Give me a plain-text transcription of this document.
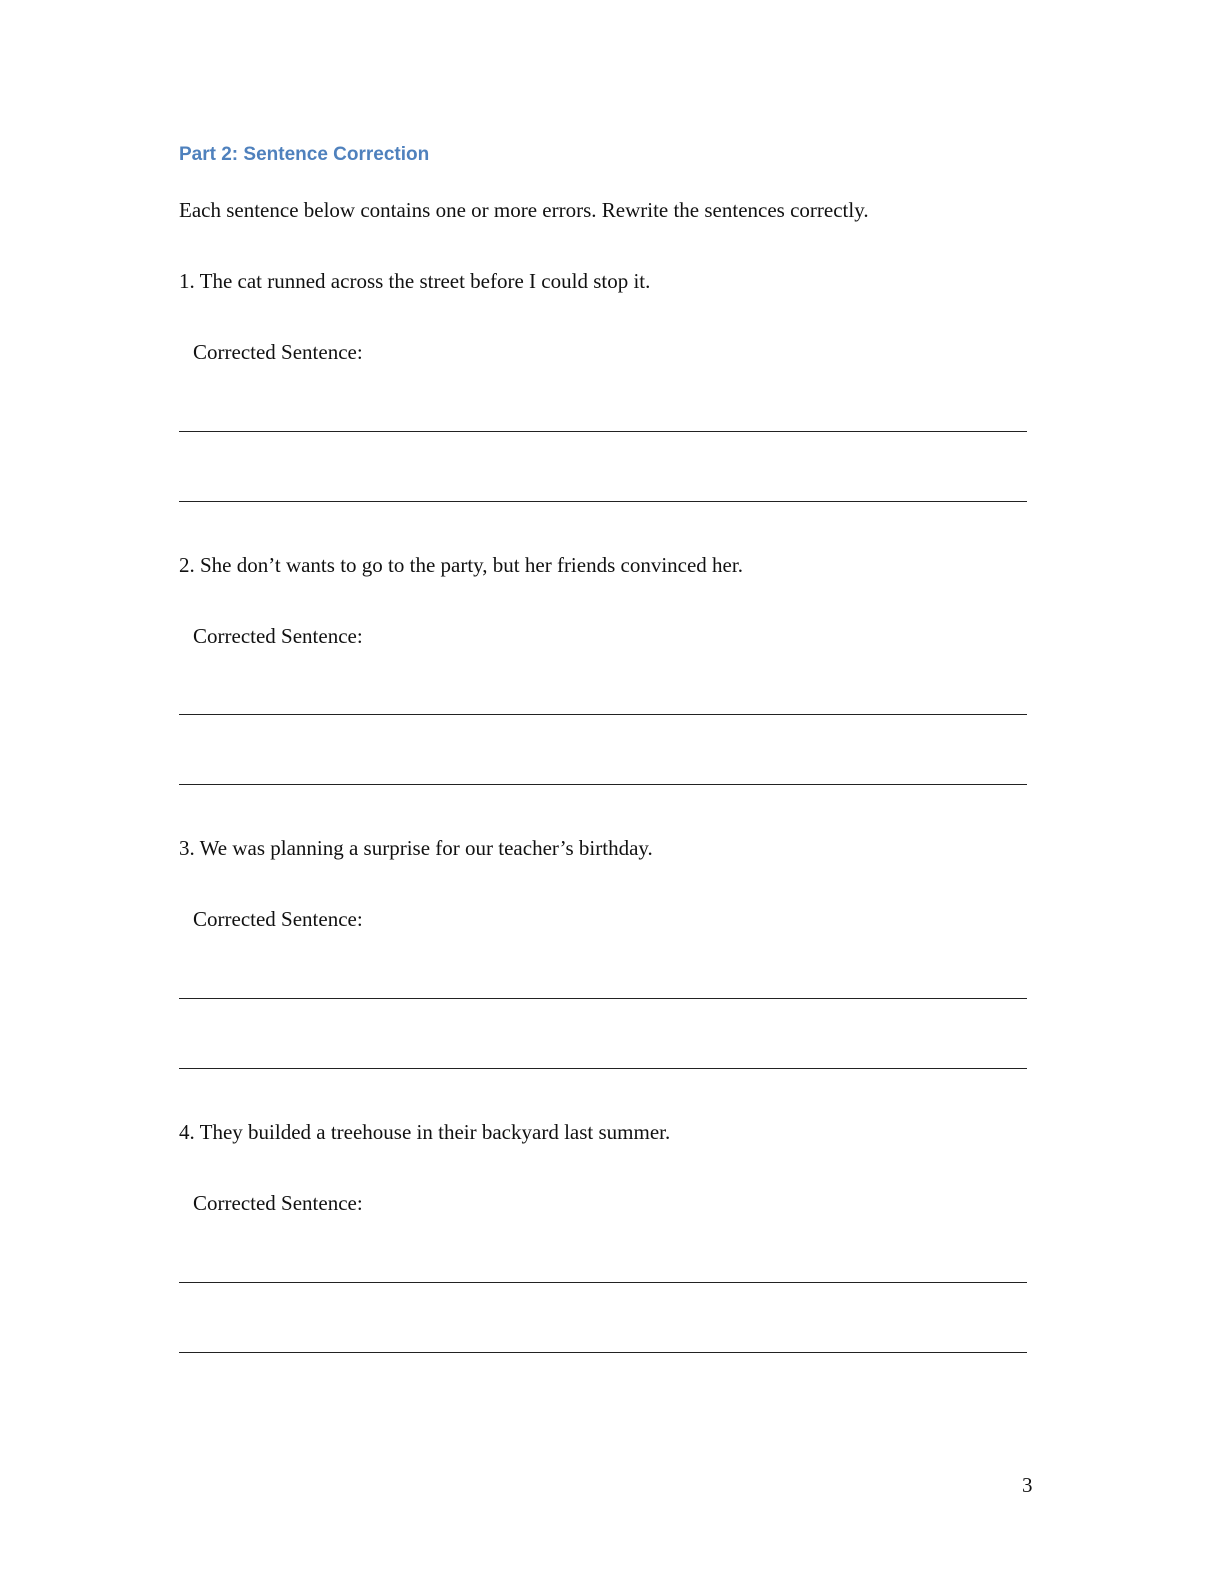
Part 2: Sentence Correction
Each sentence below contains one or more errors. Rewrite the sentences correctly.
1. The cat runned across the street before I could stop it.
Corrected Sentence:
2. She don’t wants to go to the party, but her friends convinced her.
Corrected Sentence:
3. We was planning a surprise for our teacher’s birthday.
Corrected Sentence:
4. They builded a treehouse in their backyard last summer.
Corrected Sentence:
3
